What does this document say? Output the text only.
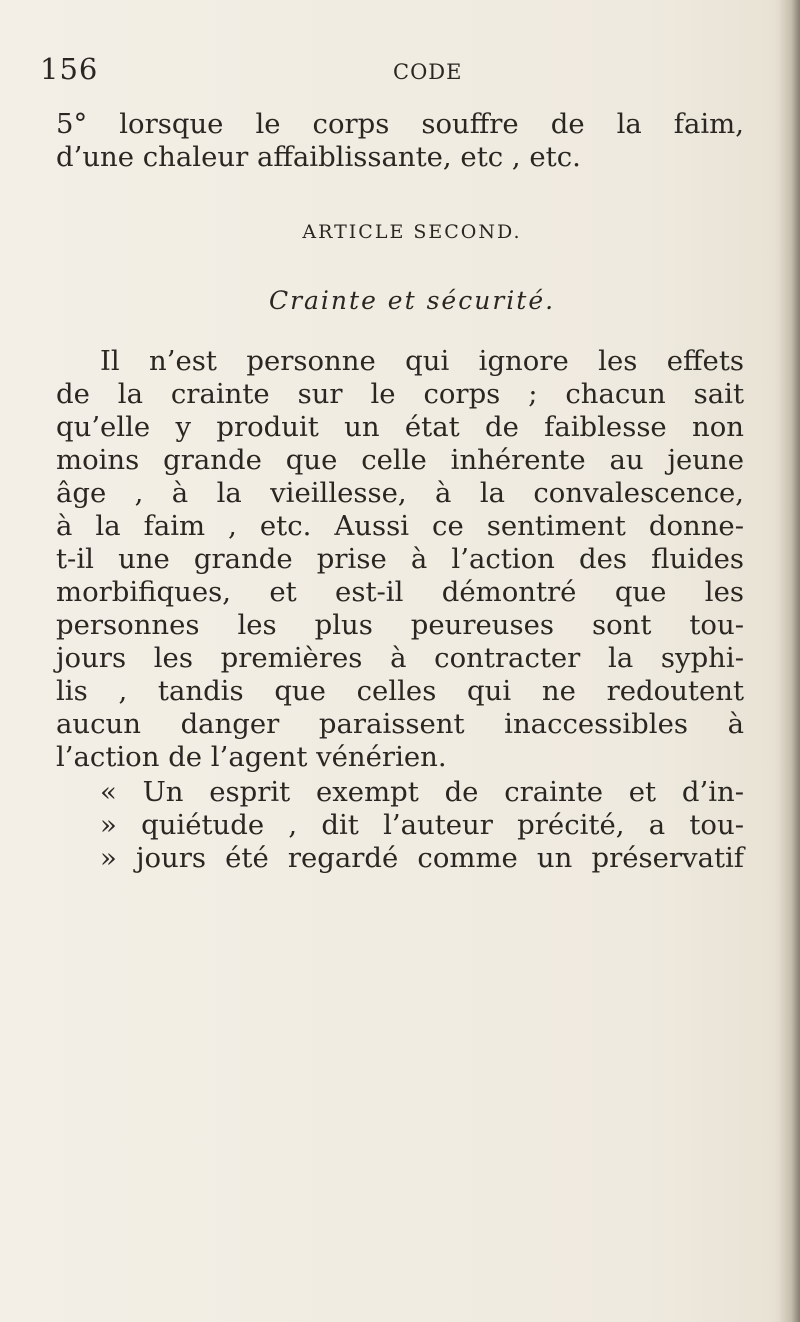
156	CODE
5° lorsque le corps souffre de la faim,
d’une chaleur affaiblissante, etc , etc.
ARTICLE SECOND.
Crainte et sécurité.
Il n’est personne qui ignore les effets
de la crainte sur le corps ; chacun sait
qu’elle y produit un état de faiblesse non
moins grande que celle inhérente au jeune
âge , à la vieillesse, à la convalescence,
à la faim , etc. Aussi ce sentiment donne-
t-il une grande prise à l’action des fluides
morbifiques, et est-il démontré que les
personnes les plus peureuses sont tou-
jours les premières à contracter la syphi-
lis , tandis que celles qui ne redoutent
aucun danger paraissent inaccessibles à
l’action de l’agent vénérien.
« Un esprit exempt de crainte et d’in-
» quiétude , dit l’auteur précité, a tou-
» jours été regardé comme un préservatif
